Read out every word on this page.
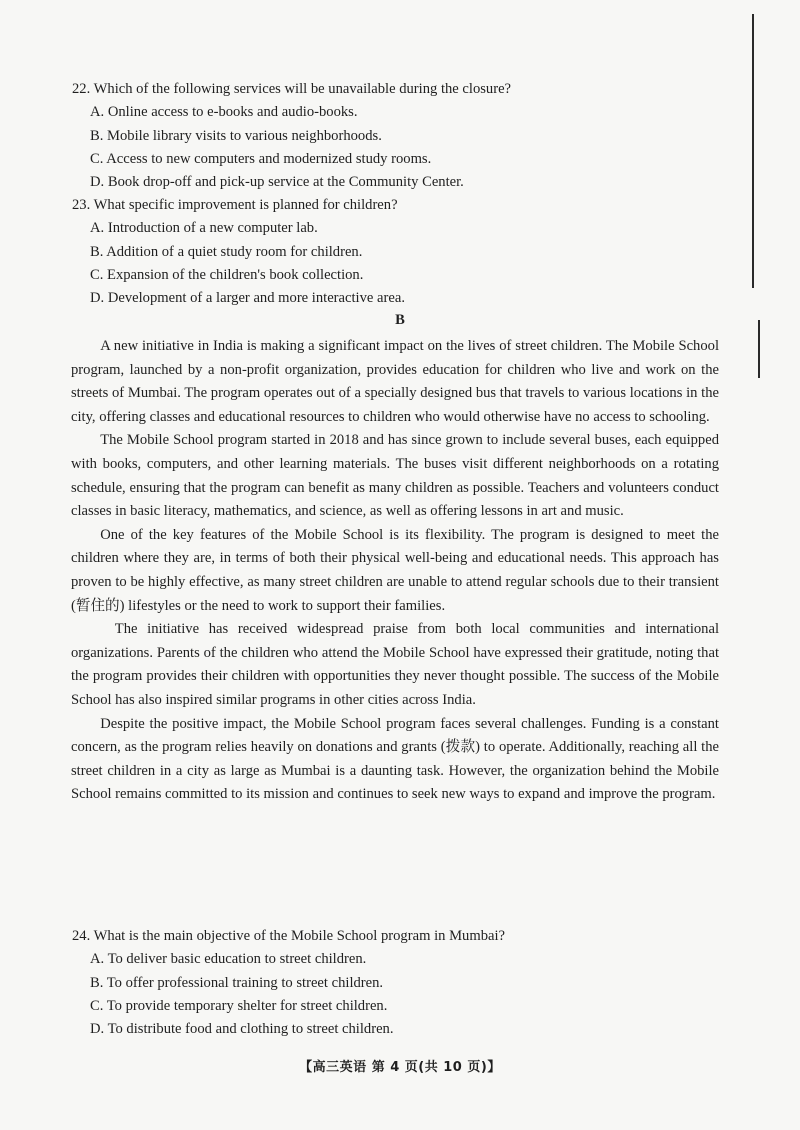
22. Which of the following services will be unavailable during the closure?
A. Online access to e-books and audio-books.
B. Mobile library visits to various neighborhoods.
C. Access to new computers and modernized study rooms.
D. Book drop-off and pick-up service at the Community Center.
23. What specific improvement is planned for children?
A. Introduction of a new computer lab.
B. Addition of a quiet study room for children.
C. Expansion of the children's book collection.
D. Development of a larger and more interactive area.
B

A new initiative in India is making a significant impact on the lives of street children. The Mobile School program, launched by a non-profit organization, provides education for children who live and work on the streets of Mumbai. The program operates out of a specially designed bus that travels to various locations in the city, offering classes and educational resources to children who would otherwise have no access to schooling.

The Mobile School program started in 2018 and has since grown to include several buses, each equipped with books, computers, and other learning materials. The buses visit different neighborhoods on a rotating schedule, ensuring that the program can benefit as many children as possible. Teachers and volunteers conduct classes in basic literacy, mathematics, and science, as well as offering lessons in art and music.

One of the key features of the Mobile School is its flexibility. The program is designed to meet the children where they are, in terms of both their physical well-being and educational needs. This approach has proven to be highly effective, as many street children are unable to attend regular schools due to their transient (暂住的) lifestyles or the need to work to support their families.

The initiative has received widespread praise from both local communities and international organizations. Parents of the children who attend the Mobile School have expressed their gratitude, noting that the program provides their children with opportunities they never thought possible. The success of the Mobile School has also inspired similar programs in other cities across India.

Despite the positive impact, the Mobile School program faces several challenges. Funding is a constant concern, as the program relies heavily on donations and grants (拨款) to operate. Additionally, reaching all the street children in a city as large as Mumbai is a daunting task. However, the organization behind the Mobile School remains committed to its mission and continues to seek new ways to expand and improve the program.

24. What is the main objective of the Mobile School program in Mumbai?
A. To deliver basic education to street children.
B. To offer professional training to street children.
C. To provide temporary shelter for street children.
D. To distribute food and clothing to street children.
【高三英语 第 4 页(共 10 页)】
